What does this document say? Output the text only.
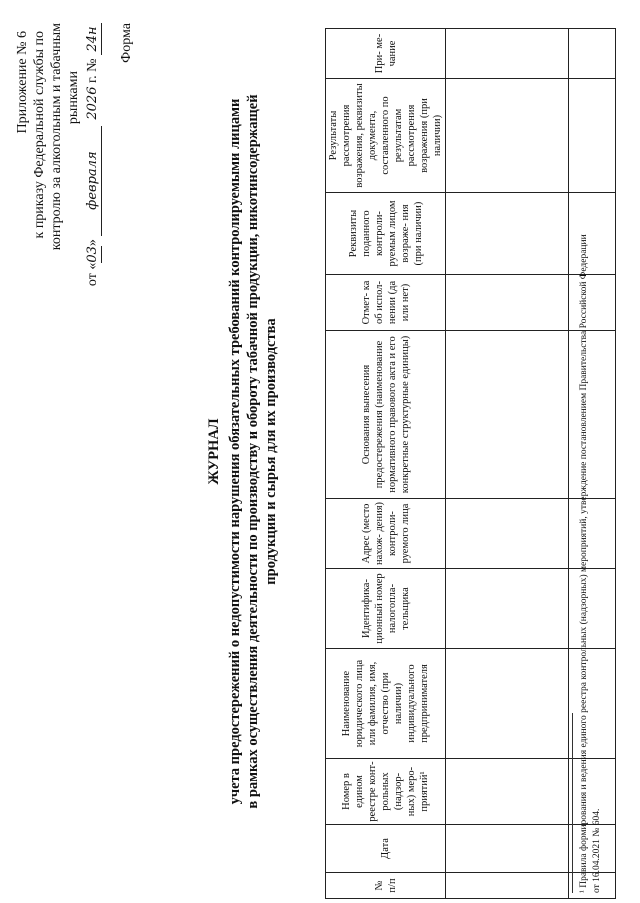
Приложение № 6 к приказу Федеральной службы по контролю за алкогольным и табачным рынками
от «03» февраля2026 г. № 24н Форма
ЖУРНАЛ учета предостережений о недопустимости нарушения обязательных требований контролируемыми лицами в рамках осуществления деятельности по производству и обороту табачной продукции, никотинсодержащей продукции и сырья для их производства
№ п/п	Дата	Номер в едином реестре конт- рольных (надзор- ных) меро- приятий¹	Наименование юридического лица или фамилия, имя, отчество (при наличии) индивидуального предпринимателя	Идентифика- ционный номер налогопла- тельщика	Адрес (место нахож- дения) контроли- руемого лица	Основания вынесения предостережения (наименование нормативного правового акта и его конкретные структурные единицы)	Отмет- ка об испол- нении (да или нет)	Реквизиты поданного контроли- руемым лицом возраже- ния (при наличии)	Результаты рассмотрения возражения, реквизиты документа, составленного по результатам рассмотрения возражения (при наличии)	При- ме- чание

¹ Правила формирования и ведения единого реестра контрольных (надзорных) мероприятий, утверждение постановлением Правительства Российской Федерации от 16.04.2021 № 604.
